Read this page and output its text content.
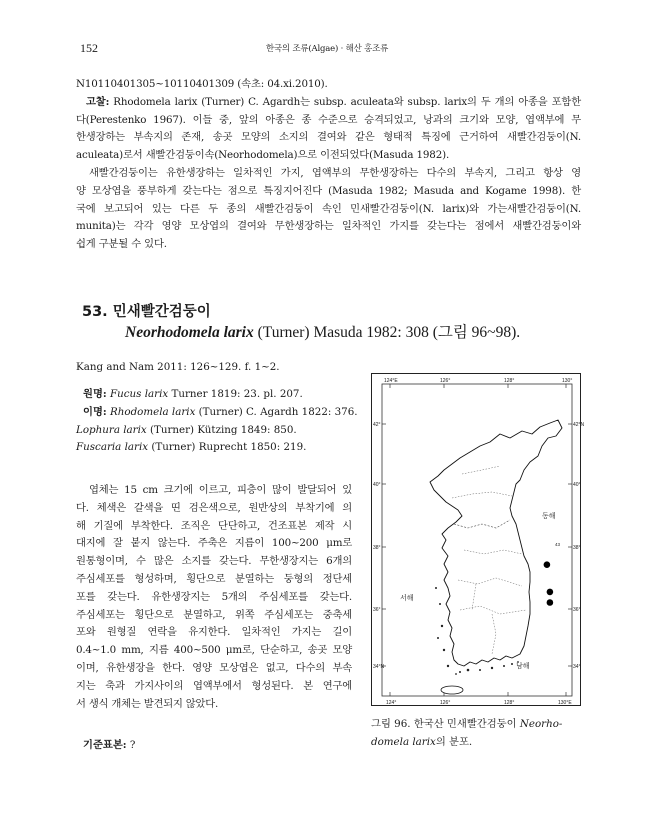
152	한국의 조류(Algae) · 해산 홍조류
N10110401305~10110401309 (속초: 04.xi.2010).

고찰: Rhodomela larix (Turner) C. Agardh는 subsp. aculeata와 subsp. larix의 두 개의 아종을 포함한
다(Perestenko 1967). 이들 중, 앞의 아종은 종 수준으로 승격되었고, 낭과의 크기와 모양, 엽액부에 무
한생장하는 부속지의 존재, 송곳 모양의 소지의 결여와 같은 형태적 특징에 근거하여 새빨간검둥이(N.
aculeata)로서 새빨간검둥이속(Neorhodomela)으로 이전되었다(Masuda 1982).

새빨간검둥이는 유한생장하는 일차적인 가지, 엽액부의 무한생장하는 다수의 부속지, 그리고 항상 영
양 모상엽을 풍부하게 갖는다는 점으로 특징지어진다 (Masuda 1982; Masuda and Kogame 1998). 한
국에 보고되어 있는 다른 두 종의 새빨간검둥이 속인 민새빨간검둥이(N. larix)와 가는새빨간검둥이(N.
munita)는 각각 영양 모상엽의 결여와 무한생장하는 일차적인 가지를 갖는다는 점에서 새빨간검둥이와
쉽게 구분될 수 있다.

53. 민새빨간검둥이
Neorhodomela larix (Turner) Masuda 1982: 308 (그림 96~98).
Kang and Nam 2011: 126~129. f. 1~2.
원명: Fucus larix Turner 1819: 23. pl. 207.
이명: Rhodomela larix (Turner) C. Agardh 1822: 376.
Lophura larix (Turner) Kützing 1849: 850.
Fuscaria larix (Turner) Ruprecht 1850: 219.
엽체는 15 cm 크기에 이르고, 피층이 많이 발달되어 있
다. 체색은 갈색을 띤 검은색으로, 원반상의 부착기에 의
해 기질에 부착한다. 조직은 단단하고, 건조표본 제작 시
대지에 잘 붙지 않는다. 주축은 지름이 100~200 μm로
원통형이며, 수 많은 소지를 갖는다. 무한생장지는 6개의
주심세포를 형성하며, 횡단으로 분열하는 둥형의 정단세
포를 갖는다. 유한생장지는 5개의 주심세포를 갖는다.
주심세포는 횡단으로 분열하고, 위쪽 주심세포는 중축세
포와 원형질 연락을 유지한다. 일차적인 가지는 길이
0.4~1.0 mm, 지름 400~500 μm로, 단순하고, 송곳 모양
이며, 유한생장을 한다. 영양 모상엽은 없고, 다수의 부속
지는 축과 가지사이의 엽액부에서 형성된다. 본 연구에
서 생식 개체는 발견되지 않았다.
기준표본: ?
124°E	126°	128°	130°
124°	126°	128°	130°E
42°
40°
38°
36°
34°N
42°N
40°
38°
36°
34°
43
동해
서해
남해
그림 96. 한국산 민새빨간검둥이 Neorho-
domela larix의 분포.
